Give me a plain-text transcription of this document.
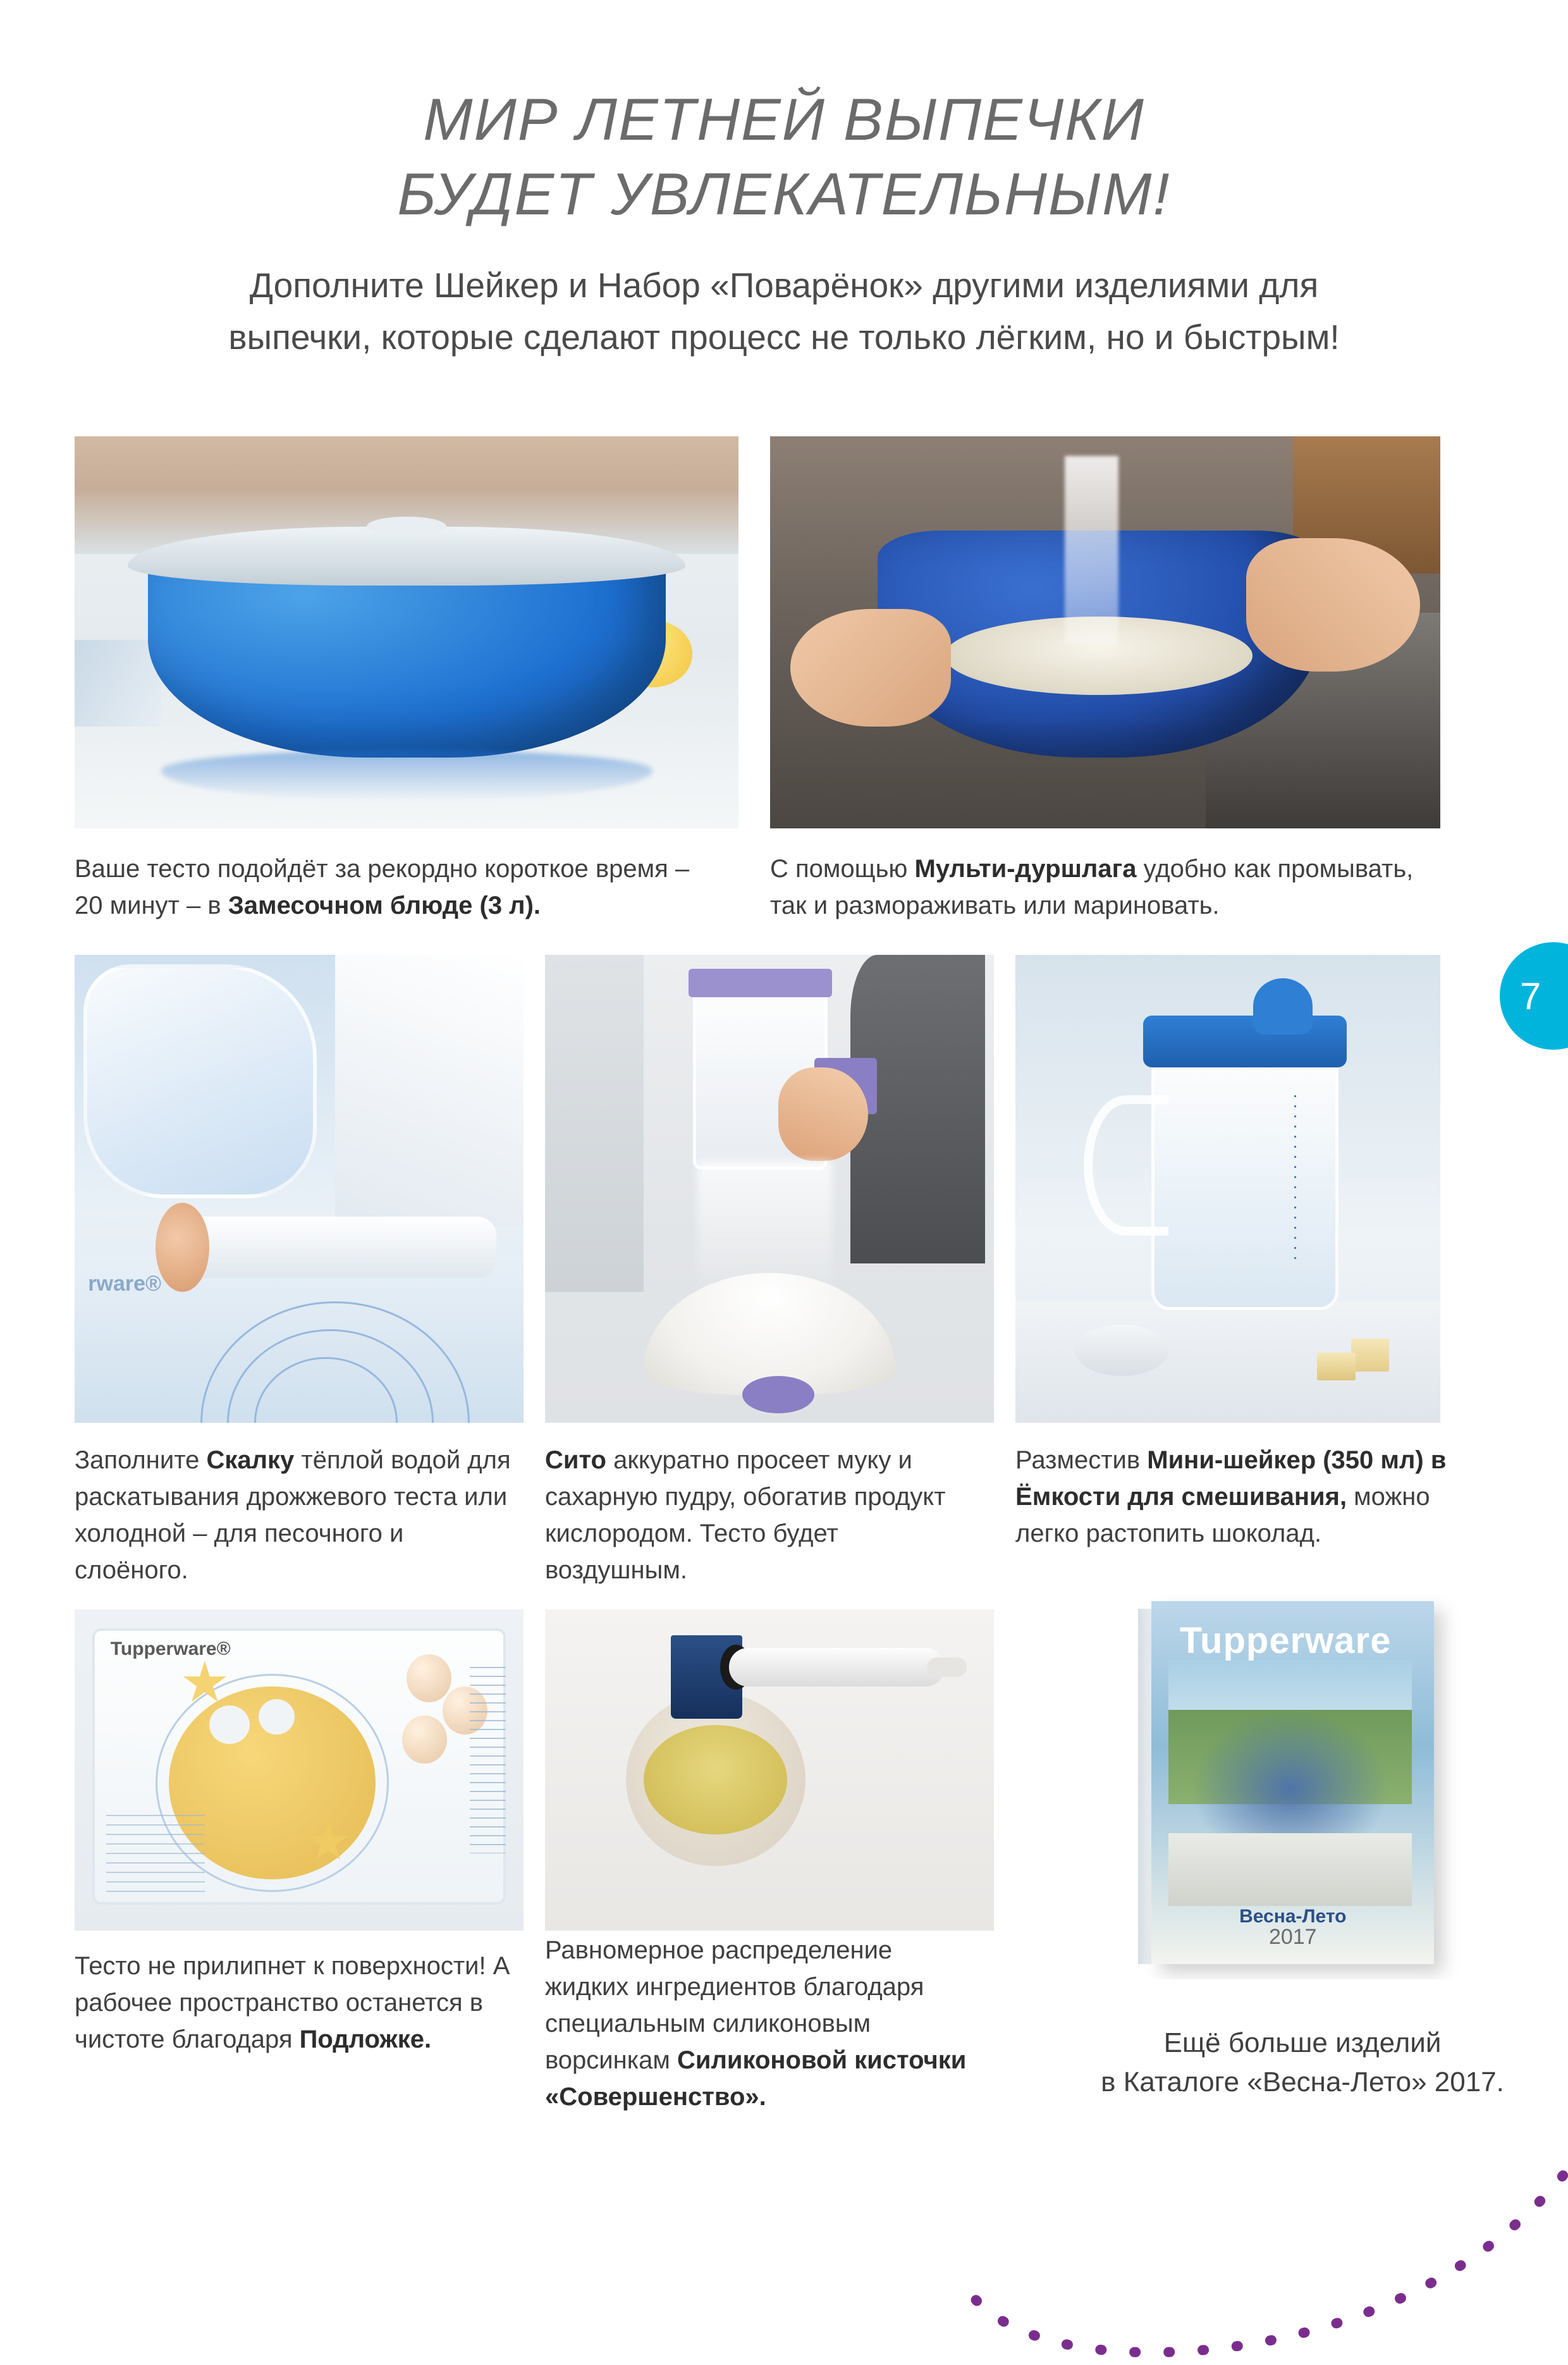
МИР ЛЕТНЕЙ ВЫПЕЧКИ
БУДЕТ УВЛЕКАТЕЛЬНЫМ!
Дополните Шейкер и Набор «Поварёнок» другими изделиями для выпечки, которые сделают процесс не только лёгким, но и быстрым!
7
Ваше тесто подойдёт за рекордно короткое время – 20 минут – в Замесочном блюде (3 л).
С помощью Мульти-дуршлага удобно как промывать, так и размораживать или мариновать.
rware®
Заполните Скалку тёплой водой для раскатывания дрожжевого теста или холодной – для песочного и слоёного.
Сито аккуратно просеет муку и сахарную пудру, обогатив продукт кислородом. Тесто будет воздушным.
Разместив Мини-шейкер (350 мл) в Ёмкости для смешивания, можно легко растопить шоколад.
Tupperware®
Тесто не прилипнет к поверхности! А рабочее пространство останется в чистоте благодаря Подложке.
Равномерное распределение жидких ингредиентов благодаря специальным силиконовым ворсинкам Силиконовой кисточки «Совершенство».
Tupperware
Весна-Лето
2017
Ещё больше изделий
в Каталоге «Весна-Лето» 2017.
